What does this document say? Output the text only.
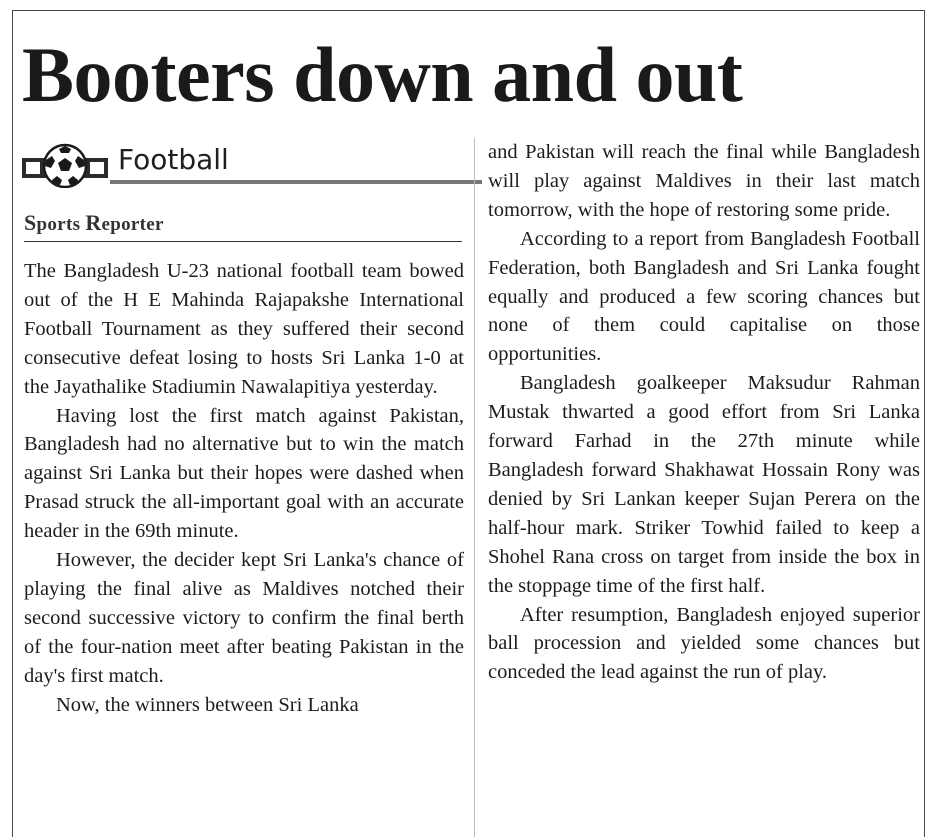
Booters down and out
Football

Sports Reporter

The Bangladesh U-23 national football team bowed out of the H E Mahinda Rajapakshe International Football Tournament as they suffered their second consecutive defeat losing to hosts Sri Lanka 1-0 at the Jayathalike Stadiumin Nawalapitiya yesterday.

Having lost the first match against Pakistan, Bangladesh had no alternative but to win the match against Sri Lanka but their hopes were dashed when Prasad struck the all-important goal with an accurate header in the 69th minute.

However, the decider kept Sri Lanka's chance of playing the final alive as Maldives notched their second successive victory to confirm the final berth of the four-nation meet after beating Pakistan in the day's first match.

Now, the winners between Sri Lanka

and Pakistan will reach the final while Bangladesh will play against Maldives in their last match tomorrow, with the hope of restoring some pride.

According to a report from Bangladesh Football Federation, both Bangladesh and Sri Lanka fought equally and produced a few scoring chances but none of them could capitalise on those opportunities.

Bangladesh goalkeeper Maksudur Rahman Mustak thwarted a good effort from Sri Lanka forward Farhad in the 27th minute while Bangladesh forward Shakhawat Hossain Rony was denied by Sri Lankan keeper Sujan Perera on the half-hour mark. Striker Towhid failed to keep a Shohel Rana cross on target from inside the box in the stoppage time of the first half.

After resumption, Bangladesh enjoyed superior ball procession and yielded some chances but conceded the lead against the run of play.
